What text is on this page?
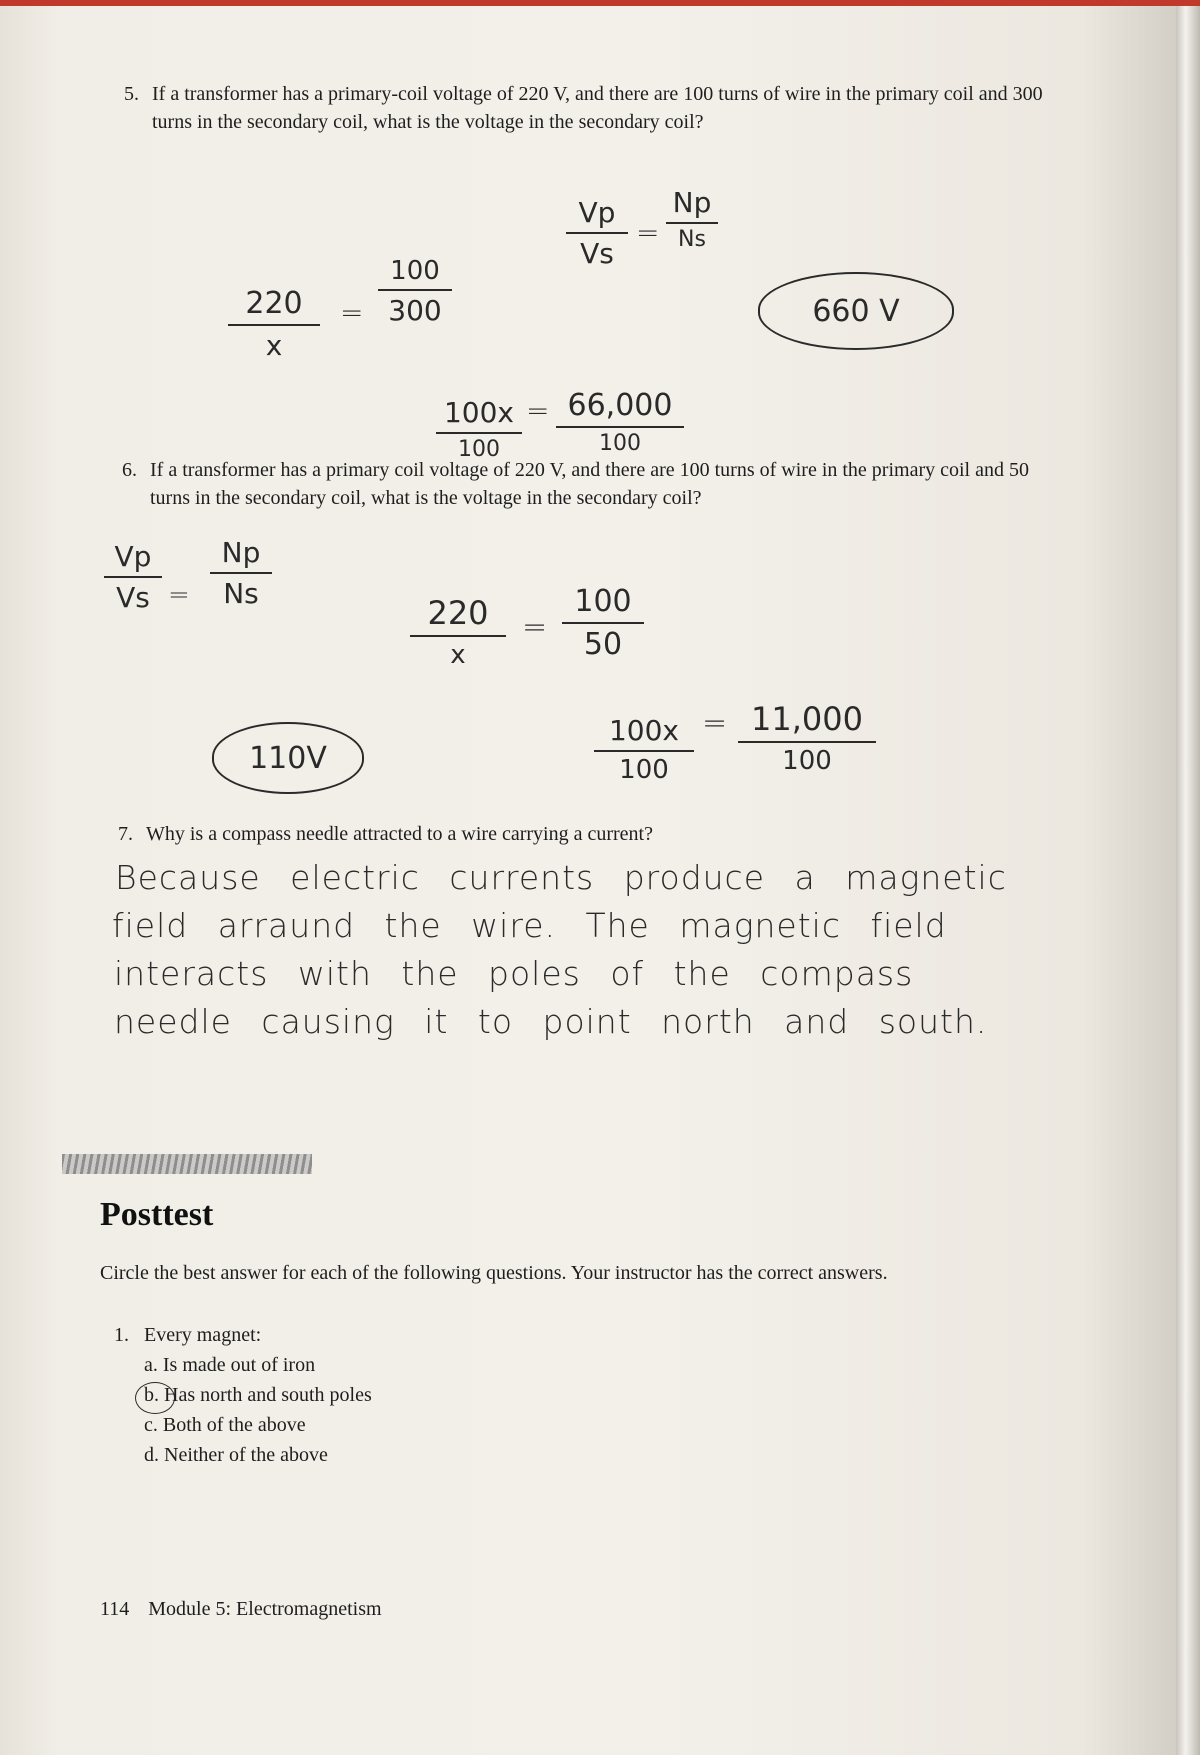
5. If a transformer has a primary-coil voltage of 220 V, and there are 100 turns of wire in the primary coil and 300 turns in the secondary coil, what is the voltage in the secondary coil?
Vp
Vs
=
Np
Ns
220
x
=
100
300	660 V
100x
100
= 66,000
100
6. If a transformer has a primary coil voltage of 220 V, and there are 100 turns of wire in the primary coil and 50 turns in the secondary coil, what is the voltage in the secondary coil?
Vp
Vs =
Np
Ns
220
x
=
100
50
110V
100x
100
= 11,000
100
7. Why is a compass needle attracted to a wire carrying a current?
Because electric currents produce a magnetic
field arraund the wire. The magnetic field
interacts with the poles of the compass
needle causing it to point north and south.
Posttest
Circle the best answer for each of the following questions. Your instructor has the correct answers.
1. Every magnet:
a. Is made out of iron
b. Has north and south poles
c. Both of the above
d. Neither of the above
114 Module 5: Electromagnetism
